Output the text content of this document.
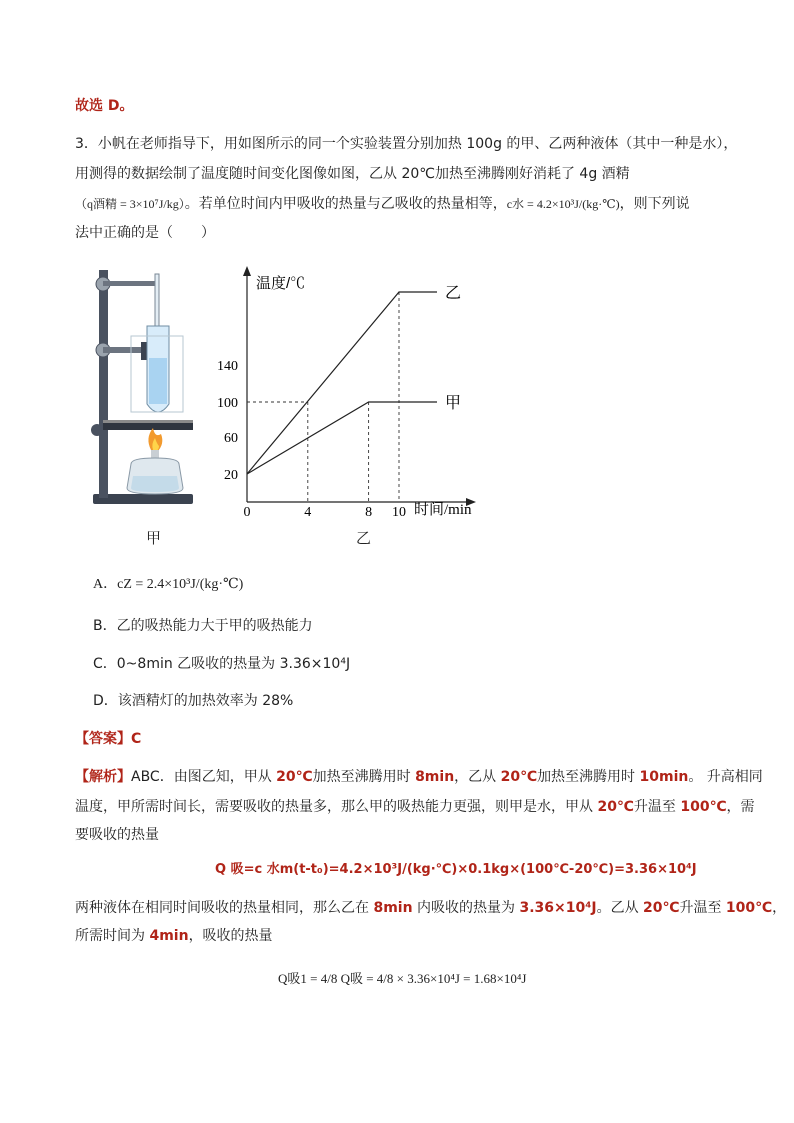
故选 D。
3．小帆在老师指导下，用如图所示的同一个实验装置分别加热 100g 的甲、乙两种液体（其中一种是水），
用测得的数据绘制了温度随时间变化图像如图，乙从 20℃加热至沸腾刚好消耗了 4g 酒精
（q酒精 = 3×10⁷J/kg）。若单位时间内甲吸收的热量与乙吸收的热量相等，c水 = 4.2×10³J/(kg·℃)，则下列说
法中正确的是（　　）
甲
温度/℃
时间/min
20
60
100
140
0	4	8 10
甲
乙
乙
A．cZ = 2.4×10³J/(kg·℃)
B．乙的吸热能力大于甲的吸热能力
C．0~8min 乙吸收的热量为 3.36×10⁴J
D．该酒精灯的加热效率为 28%
【答案】C
【解析】ABC．由图乙知，甲从 20℃加热至沸腾用时 8min，乙从 20℃加热至沸腾用时 10min。 升高相同
温度，甲所需时间长，需要吸收的热量多，那么甲的吸热能力更强，则甲是水，甲从 20℃升温至 100℃，需
要吸收的热量
Q 吸=c 水m(t-t₀)=4.2×10³J/(kg·℃)×0.1kg×(100℃-20℃)=3.36×10⁴J
两种液体在相同时间吸收的热量相同，那么乙在 8min 内吸收的热量为 3.36×10⁴J。乙从 20℃升温至 100℃，
所需时间为 4min，吸收的热量
Q吸1 = 4/8 Q吸 = 4/8 × 3.36×10⁴J = 1.68×10⁴J
